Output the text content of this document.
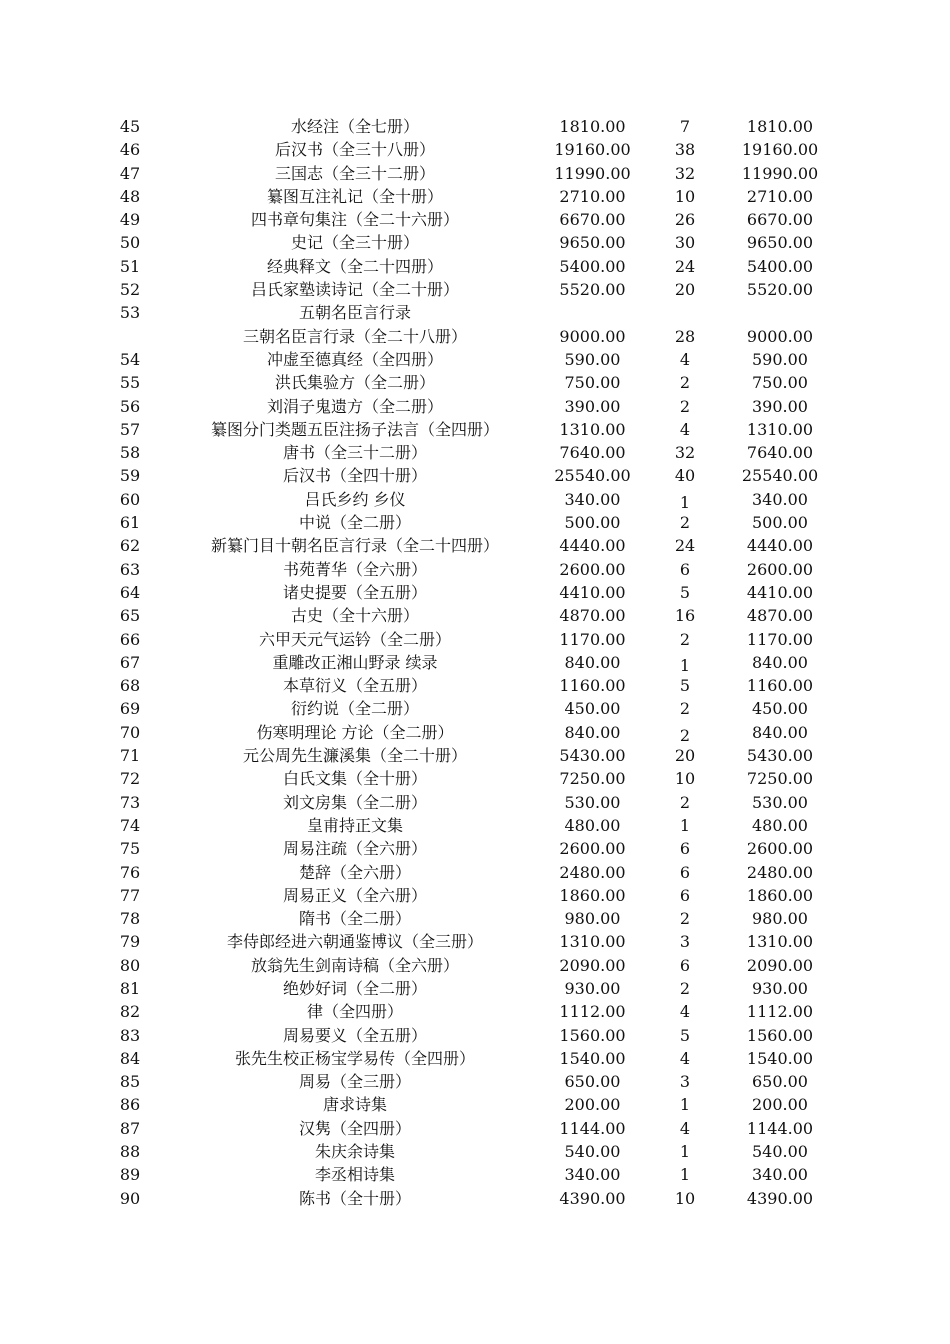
45	水经注（全七册）	1810.00	7	1810.00
46	后汉书（全三十八册）	19160.00	38	19160.00
47	三国志（全三十二册）	11990.00	32	11990.00
48	纂图互注礼记（全十册）	2710.00	10	2710.00
49	四书章句集注（全二十六册）	6670.00	26	6670.00
50	史记（全三十册）	9650.00	30	9650.00
51	经典释文（全二十四册）	5400.00	24	5400.00
52	吕氏家塾读诗记（全二十册）	5520.00	20	5520.00
53	五朝名臣言行录
三朝名臣言行录（全二十八册）	9000.00	28	9000.00
54	冲虚至德真经（全四册）	590.00	4	590.00
55	洪氏集验方（全二册）	750.00	2	750.00
56	刘涓子鬼遗方（全二册）	390.00	2	390.00
57	纂图分门类题五臣注扬子法言（全四册）	1310.00	4	1310.00
58	唐书（全三十二册）	7640.00	32	7640.00
59	后汉书（全四十册）	25540.00	40	25540.00
60	吕氏乡约 乡仪	340.00	1	340.00
61	中说（全二册）	500.00	2	500.00
62	新纂门目十朝名臣言行录（全二十四册）	4440.00	24	4440.00
63	书苑菁华（全六册）	2600.00	6	2600.00
64	诸史提要（全五册）	4410.00	5	4410.00
65	古史（全十六册）	4870.00	16	4870.00
66	六甲天元气运钤（全二册）	1170.00	2	1170.00
67	重雕改正湘山野录 续录	840.00	1	840.00
68	本草衍义（全五册）	1160.00	5	1160.00
69	衍约说（全二册）	450.00	2	450.00
70	伤寒明理论 方论（全二册）	840.00	2	840.00
71	元公周先生濂溪集（全二十册）	5430.00	20	5430.00
72	白氏文集（全十册）	7250.00	10	7250.00
73	刘文房集（全二册）	530.00	2	530.00
74	皇甫持正文集	480.00	1	480.00
75	周易注疏（全六册）	2600.00	6	2600.00
76	楚辞（全六册）	2480.00	6	2480.00
77	周易正义（全六册）	1860.00	6	1860.00
78	隋书（全二册）	980.00	2	980.00
79	李侍郎经进六朝通鉴博议（全三册）	1310.00	3	1310.00
80	放翁先生剑南诗稿（全六册）	2090.00	6	2090.00
81	绝妙好词（全二册）	930.00	2	930.00
82	律（全四册）	1112.00	4	1112.00
83	周易要义（全五册）	1560.00	5	1560.00
84	张先生校正杨宝学易传（全四册）	1540.00	4	1540.00
85	周易（全三册）	650.00	3	650.00
86	唐求诗集	200.00	1	200.00
87	汉隽（全四册）	1144.00	4	1144.00
88	朱庆余诗集	540.00	1	540.00
89	李丞相诗集	340.00	1	340.00
90	陈书（全十册）	4390.00	10	4390.00
